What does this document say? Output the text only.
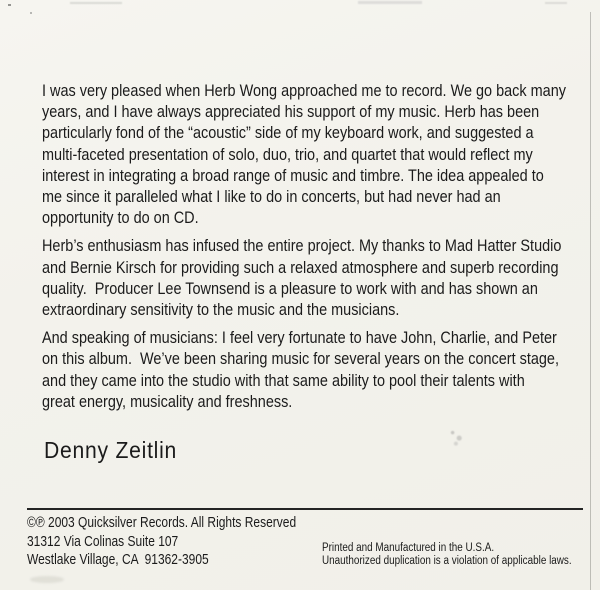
I was very pleased when Herb Wong approached me to record. We go back many
years, and I have always appreciated his support of my music. Herb has been
particularly fond of the “acoustic” side of my keyboard work, and suggested a
multi-faceted presentation of solo, duo, trio, and quartet that would reflect my
interest in integrating a broad range of music and timbre. The idea appealed to
me since it paralleled what I like to do in concerts, but had never had an
opportunity to do on CD.
Herb’s enthusiasm has infused the entire project. My thanks to Mad Hatter Studio
and Bernie Kirsch for providing such a relaxed atmosphere and superb recording
quality.  Producer Lee Townsend is a pleasure to work with and has shown an
extraordinary sensitivity to the music and the musicians.
And speaking of musicians: I feel very fortunate to have John, Charlie, and Peter
on this album.  We’ve been sharing music for several years on the concert stage,
and they came into the studio with that same ability to pool their talents with
great energy, musicality and freshness.
Denny Zeitlin
©℗ 2003 Quicksilver Records. All Rights Reserved
31312 Via Colinas Suite 107
Westlake Village, CA  91362-3905
Printed and Manufactured in the U.S.A.
Unauthorized duplication is a violation of applicable laws.
